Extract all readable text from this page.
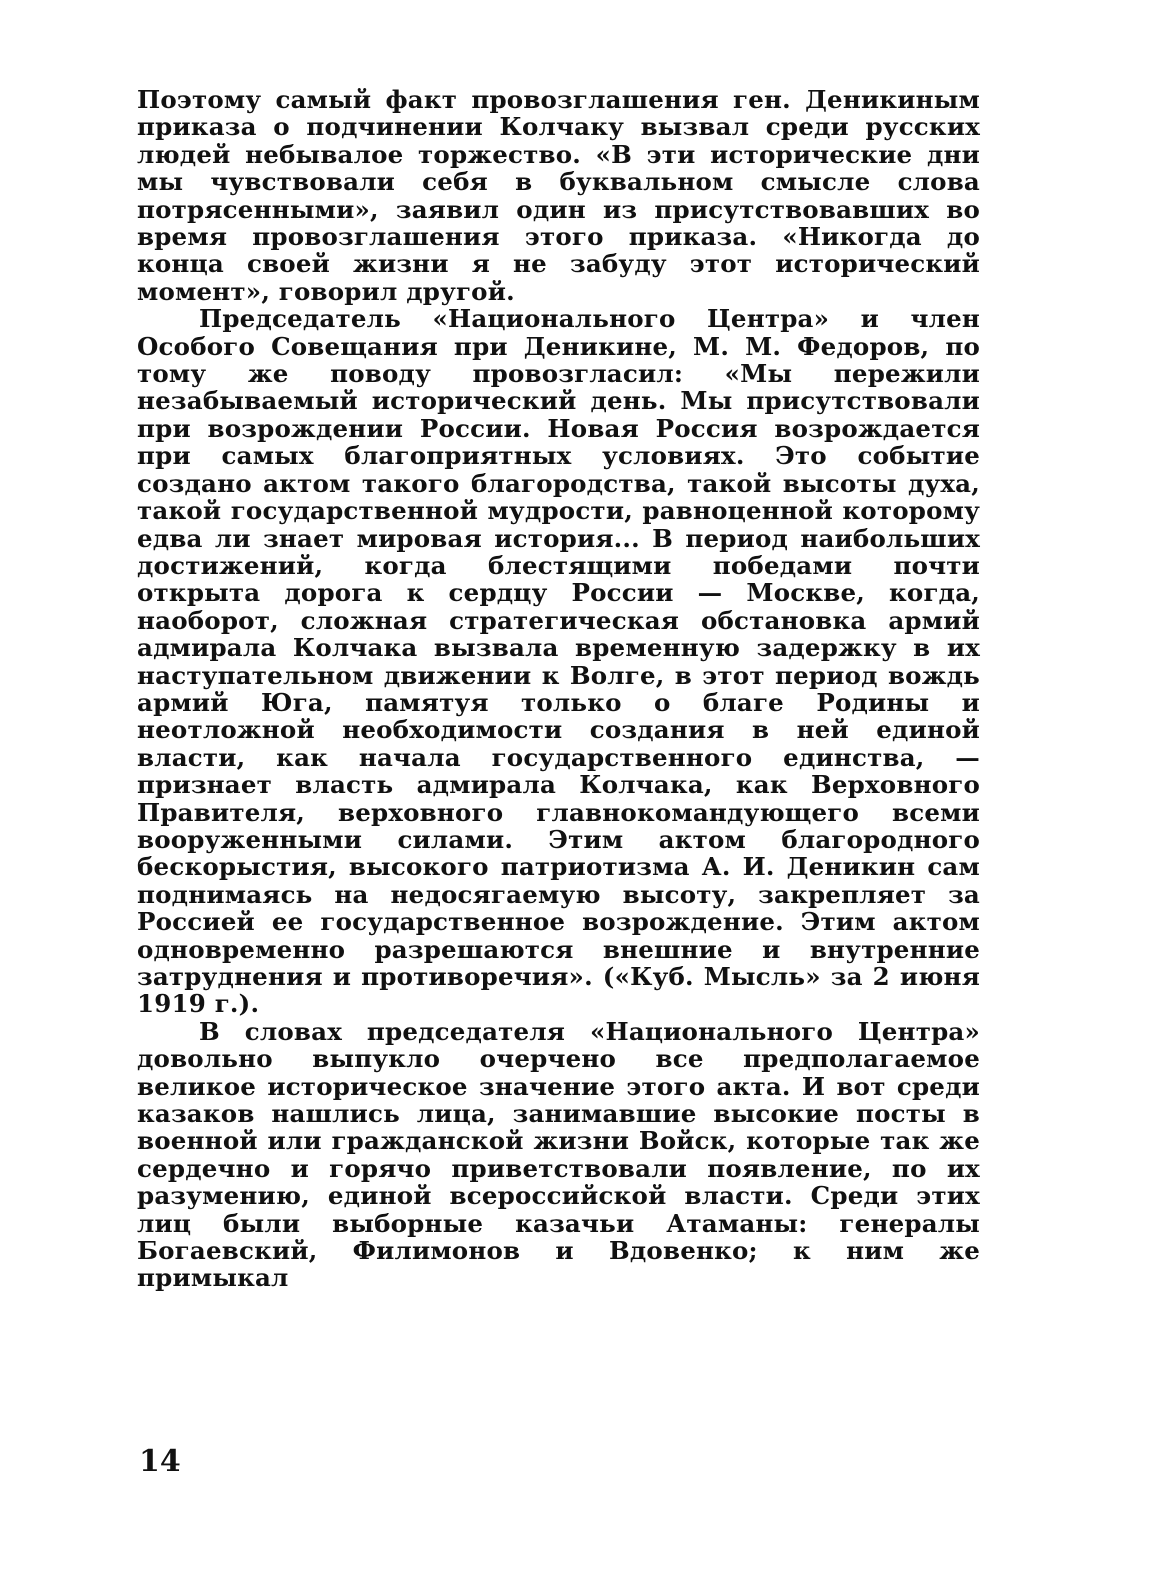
Поэтому самый факт провозглашения ген. Деникиным приказа о подчинении Колчаку вызвал среди русских людей небывалое торжество. «В эти исторические дни мы чувствовали себя в буквальном смысле слова потрясенными», заявил один из присутствовавших во время провозглашения этого приказа. «Никогда до конца своей жизни я не забуду этот исторический момент», говорил другой.

Председатель «Национального Центра» и член Особого Совещания при Деникине, М. М. Федоров, по тому же поводу провозгласил: «Мы пережили незабываемый исторический день. Мы присутствовали при возрождении России. Новая Россия возрождается при самых благоприятных условиях. Это событие создано актом такого благородства, такой высоты духа, такой государственной мудрости, равноценной которому едва ли знает мировая история... В период наибольших достижений, когда блестящими победами почти открыта дорога к сердцу России — Москве, когда, наоборот, сложная стратегическая обстановка армий адмирала Колчака вызвала временную задержку в их наступательном движении к Волге, в этот период вождь армий Юга, памятуя только о благе Родины и неотложной необходимости создания в ней единой власти, как начала государственного единства, — признает власть адмирала Колчака, как Верховного Правителя, верховного главнокомандующего всеми вооруженными силами. Этим актом благородного бескорыстия, высокого патриотизма А. И. Деникин сам поднимаясь на недосягаемую высоту, закрепляет за Россией ее государственное возрождение. Этим актом одновременно разрешаются внешние и внутренние затруднения и противоречия». («Куб. Мысль» за 2 июня 1919 г.).

В словах председателя «Национального Центра» довольно выпукло очерчено все предполагаемое великое историческое значение этого акта. И вот среди казаков нашлись лица, занимавшие высокие посты в военной или гражданской жизни Войск, которые так же сердечно и горячо приветствовали появление, по их разумению, единой всероссийской власти. Среди этих лиц были выборные казачьи Атаманы: генералы Богаевский, Филимонов и Вдовенко; к ним же примыкал

14
